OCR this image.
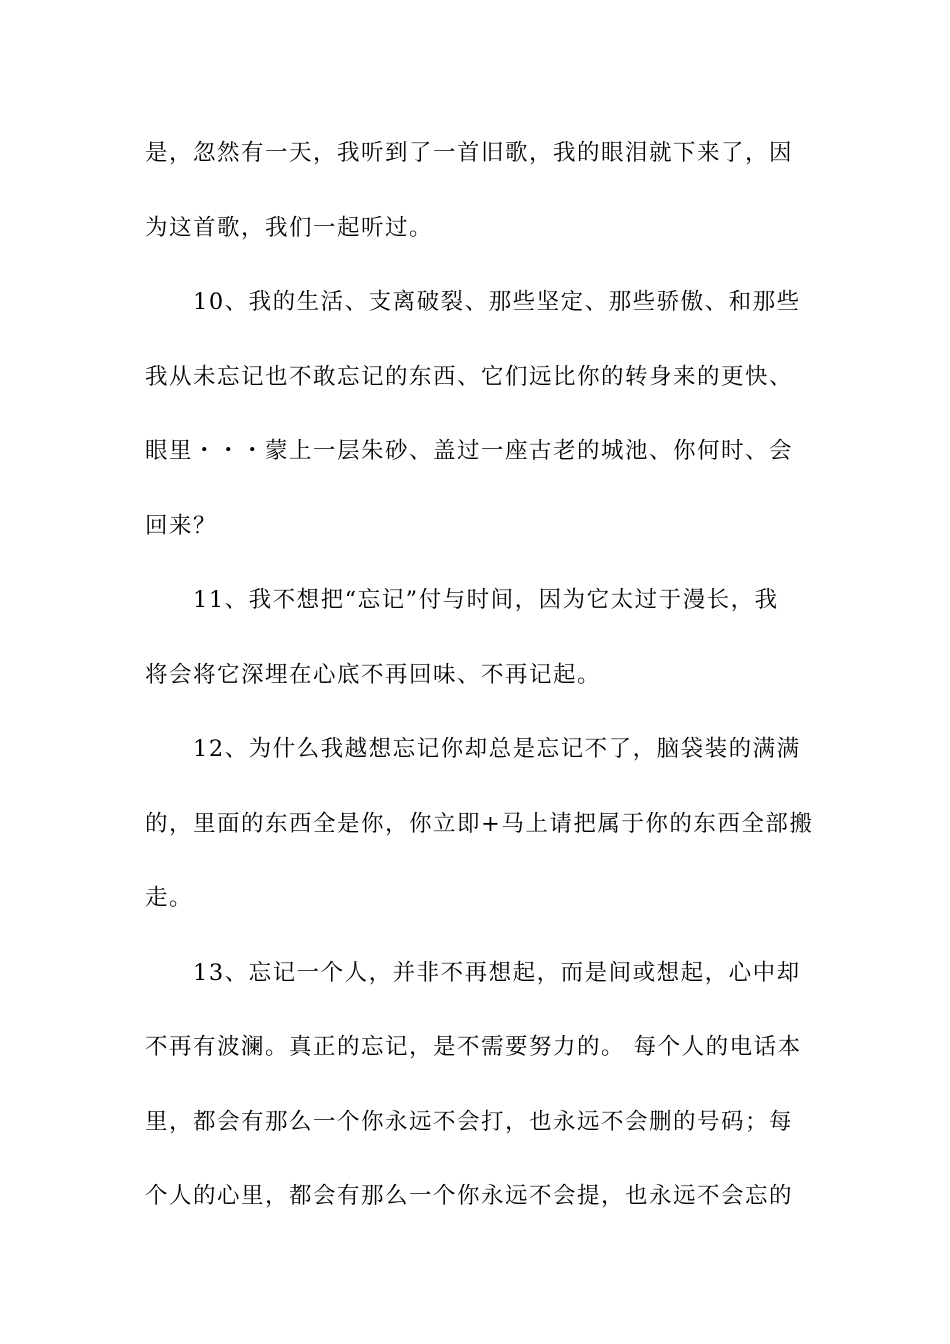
是，忽然有一天，我听到了一首旧歌，我的眼泪就下来了，因
为这首歌，我们一起听过。
10、我的生活、支离破裂、那些坚定、那些骄傲、和那些
我从未忘记也不敢忘记的东西、它们远比你的转身来的更快、
眼里・・・蒙上一层朱砂、盖过一座古老的城池、你何时、会
回来？
11、我不想把“忘记”付与时间，因为它太过于漫长，我
将会将它深埋在心底不再回味、不再记起。
12、为什么我越想忘记你却总是忘记不了，脑袋装的满满
的，里面的东西全是你，你立即+马上请把属于你的东西全部搬
走。
13、忘记一个人，并非不再想起，而是间或想起，心中却
不再有波澜。真正的忘记，是不需要努力的。 每个人的电话本
里，都会有那么一个你永远不会打，也永远不会删的号码；每
个人的心里，都会有那么一个你永远不会提，也永远不会忘的
